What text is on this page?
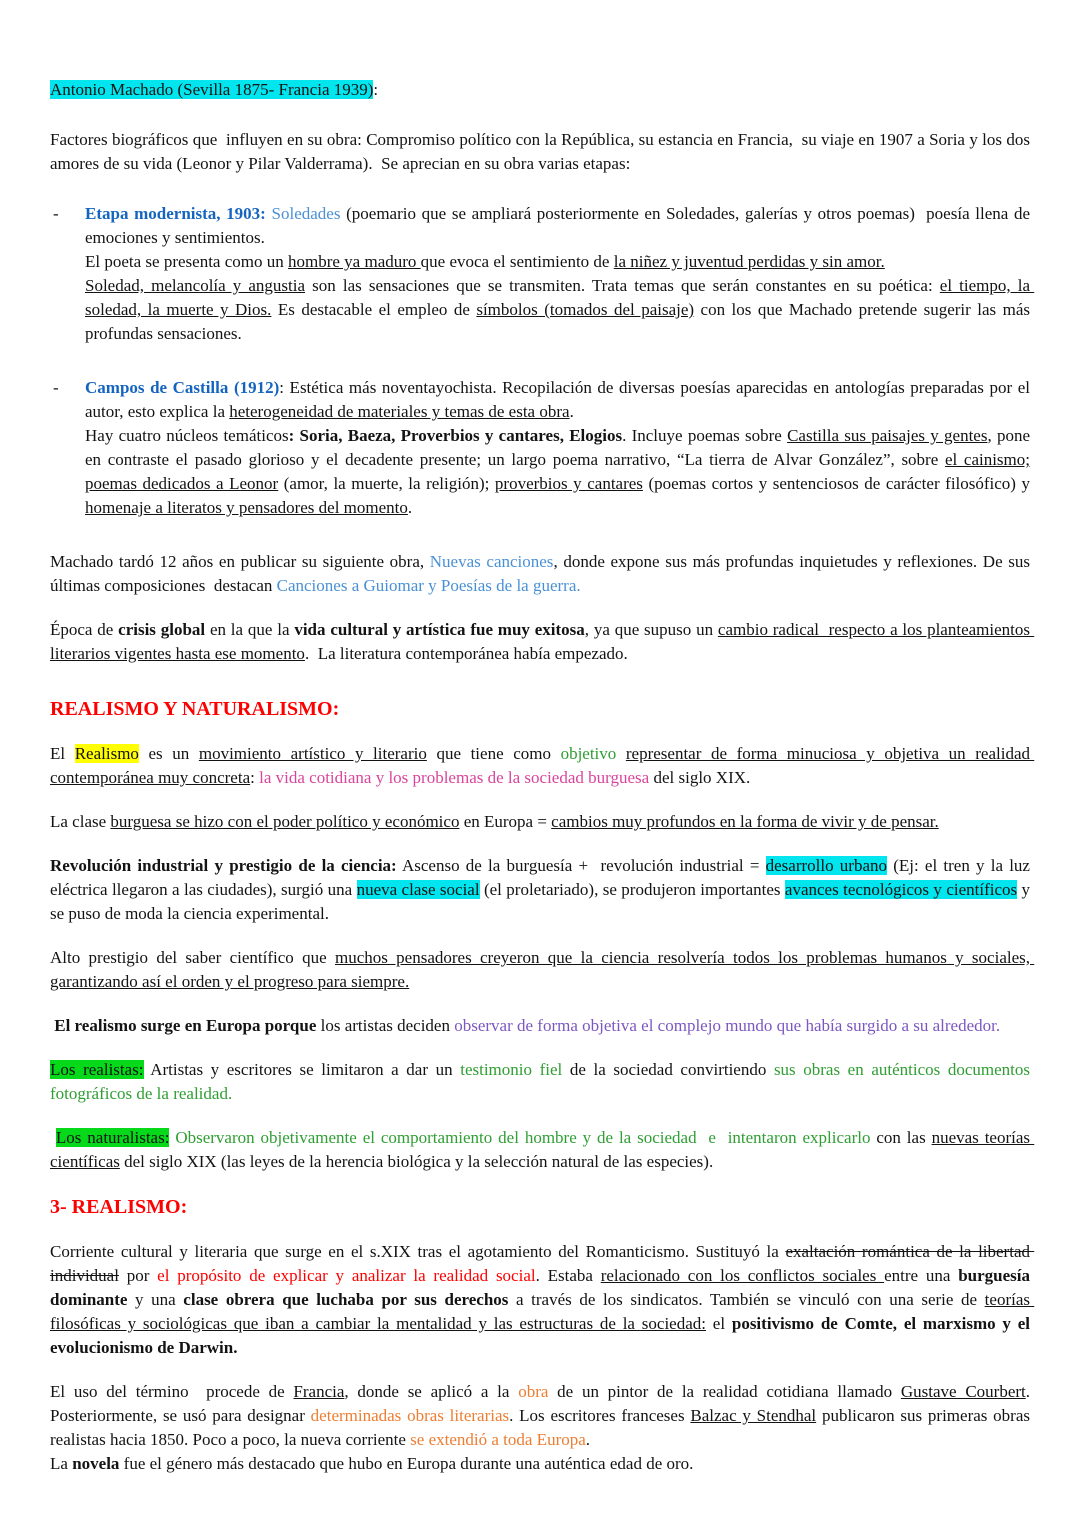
Antonio Machado (Sevilla 1875- Francia 1939):
Factores biográficos que  influyen en su obra: Compromiso político con la República, su estancia en Francia,  su viaje en 1907 a Soria y los dos amores de su vida (Leonor y Pilar Valderrama).  Se aprecian en su obra varias etapas:
- Etapa modernista, 1903: Soledades (poemario que se ampliará posteriormente en Soledades, galerías y otros poemas)  poesía llena de emociones y sentimientos.
El poeta se presenta como un hombre ya maduro que evoca el sentimiento de la niñez y juventud perdidas y sin amor.
Soledad, melancolía y angustia son las sensaciones que se transmiten. Trata temas que serán constantes en su poética: el tiempo, la soledad, la muerte y Dios. Es destacable el empleo de símbolos (tomados del paisaje) con los que Machado pretende sugerir las más profundas sensaciones.
- Campos de Castilla (1912): Estética más noventayochista. Recopilación de diversas poesías aparecidas en antologías preparadas por el autor, esto explica la heterogeneidad de materiales y temas de esta obra.
Hay cuatro núcleos temáticos: Soria, Baeza, Proverbios y cantares, Elogios. Incluye poemas sobre Castilla sus paisajes y gentes, pone en contraste el pasado glorioso y el decadente presente; un largo poema narrativo, “La tierra de Alvar González”, sobre el cainismo; poemas dedicados a Leonor (amor, la muerte, la religión); proverbios y cantares (poemas cortos y sentenciosos de carácter filosófico) y homenaje a literatos y pensadores del momento.
Machado tardó 12 años en publicar su siguiente obra, Nuevas canciones, donde expone sus más profundas inquietudes y reflexiones. De sus últimas composiciones  destacan Canciones a Guiomar y Poesías de la guerra.
Época de crisis global en la que la vida cultural y artística fue muy exitosa, ya que supuso un cambio radical  respecto a los planteamientos literarios vigentes hasta ese momento.  La literatura contemporánea había empezado.
REALISMO Y NATURALISMO:
El Realismo es un movimiento artístico y literario que tiene como objetivo representar de forma minuciosa y objetiva un realidad contemporánea muy concreta: la vida cotidiana y los problemas de la sociedad burguesa del siglo XIX.
La clase burguesa se hizo con el poder político y económico en Europa = cambios muy profundos en la forma de vivir y de pensar.
Revolución industrial y prestigio de la ciencia: Ascenso de la burguesía +  revolución industrial = desarrollo urbano (Ej: el tren y la luz eléctrica llegaron a las ciudades), surgió una nueva clase social (el proletariado), se produjeron importantes avances tecnológicos y científicos y se puso de moda la ciencia experimental.
Alto prestigio del saber científico que muchos pensadores creyeron que la ciencia resolvería todos los problemas humanos y sociales, garantizando así el orden y el progreso para siempre.
El realismo surge en Europa porque los artistas deciden observar de forma objetiva el complejo mundo que había surgido a su alrededor.
Los realistas: Artistas y escritores se limitaron a dar un testimonio fiel de la sociedad convirtiendo sus obras en auténticos documentos fotográficos de la realidad.
Los naturalistas: Observaron objetivamente el comportamiento del hombre y de la sociedad  e  intentaron explicarlo con las nuevas teorías científicas del siglo XIX (las leyes de la herencia biológica y la selección natural de las especies).
3- REALISMO:
Corriente cultural y literaria que surge en el s.XIX tras el agotamiento del Romanticismo. Sustituyó la exaltación romántica de la libertad individual por el propósito de explicar y analizar la realidad social. Estaba relacionado con los conflictos sociales entre una burguesía dominante y una clase obrera que luchaba por sus derechos a través de los sindicatos. También se vinculó con una serie de teorías filosóficas y sociológicas que iban a cambiar la mentalidad y las estructuras de la sociedad: el positivismo de Comte, el marxismo y el evolucionismo de Darwin.
El uso del término  procede de Francia, donde se aplicó a la obra de un pintor de la realidad cotidiana llamado Gustave Courbert. Posteriormente, se usó para designar determinadas obras literarias. Los escritores franceses Balzac y Stendhal publicaron sus primeras obras realistas hacia 1850. Poco a poco, la nueva corriente se extendió a toda Europa.
La novela fue el género más destacado que hubo en Europa durante una auténtica edad de oro.
